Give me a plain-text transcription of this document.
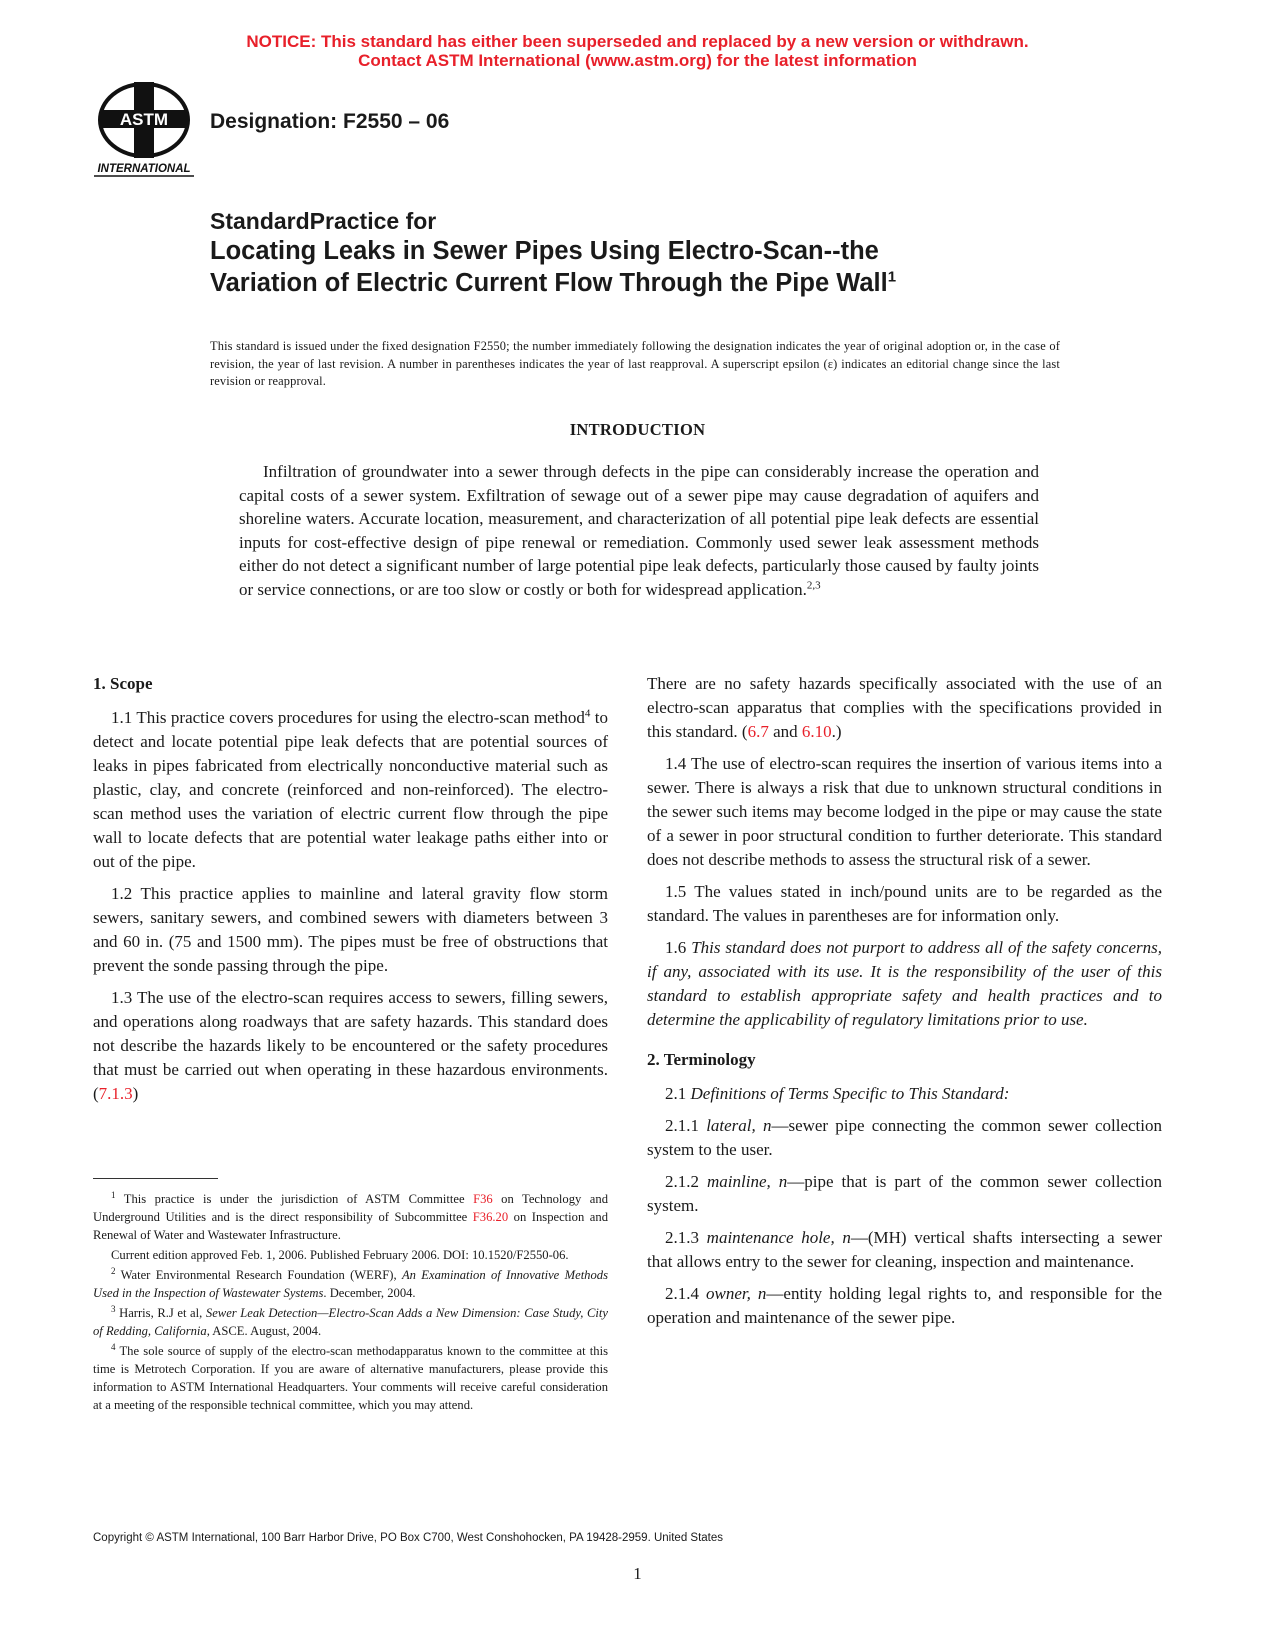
NOTICE: This standard has either been superseded and replaced by a new version or withdrawn.
Contact ASTM International (www.astm.org) for the latest information
ASTM
INTERNATIONAL
Designation: F2550 – 06
StandardPractice for
Locating Leaks in Sewer Pipes Using Electro-Scan--the
Variation of Electric Current Flow Through the Pipe Wall$^1$
This standard is issued under the fixed designation F2550; the number immediately following the designation indicates the year of original adoption or, in the case of revision, the year of last revision. A number in parentheses indicates the year of last reapproval. A superscript epsilon (ε) indicates an editorial change since the last revision or reapproval.
INTRODUCTION

Infiltration of groundwater into a sewer through defects in the pipe can considerably increase the operation and capital costs of a sewer system. Exfiltration of sewage out of a sewer pipe may cause degradation of aquifers and shoreline waters. Accurate location, measurement, and characterization of all potential pipe leak defects are essential inputs for cost-effective design of pipe renewal or remediation. Commonly used sewer leak assessment methods either do not detect a significant number of large potential pipe leak defects, particularly those caused by faulty joints or service connections, or are too slow or costly or both for widespread application.$^{2,3}$

1. Scope

1.1 This practice covers procedures for using the electro-scan method$^4$ to detect and locate potential pipe leak defects that are potential sources of leaks in pipes fabricated from electrically nonconductive material such as plastic, clay, and concrete (reinforced and non-reinforced). The electro-scan method uses the variation of electric current flow through the pipe wall to locate defects that are potential water leakage paths either into or out of the pipe.

1.2 This practice applies to mainline and lateral gravity flow storm sewers, sanitary sewers, and combined sewers with diameters between 3 and 60 in. (75 and 1500 mm). The pipes must be free of obstructions that prevent the sonde passing through the pipe.

1.3 The use of the electro-scan requires access to sewers, filling sewers, and operations along roadways that are safety hazards. This standard does not describe the hazards likely to be encountered or the safety procedures that must be carried out when operating in these hazardous environments. (7.1.3)

There are no safety hazards specifically associated with the use of an electro-scan apparatus that complies with the specifications provided in this standard. (6.7 and 6.10.)

1.4 The use of electro-scan requires the insertion of various items into a sewer. There is always a risk that due to unknown structural conditions in the sewer such items may become lodged in the pipe or may cause the state of a sewer in poor structural condition to further deteriorate. This standard does not describe methods to assess the structural risk of a sewer.

1.5 The values stated in inch/pound units are to be regarded as the standard. The values in parentheses are for information only.

1.6 This standard does not purport to address all of the safety concerns, if any, associated with its use. It is the responsibility of the user of this standard to establish appropriate safety and health practices and to determine the applicability of regulatory limitations prior to use.

2. Terminology

2.1 Definitions of Terms Specific to This Standard:

2.1.1 lateral, n—sewer pipe connecting the common sewer collection system to the user.

2.1.2 mainline, n—pipe that is part of the common sewer collection system.

2.1.3 maintenance hole, n—(MH) vertical shafts intersecting a sewer that allows entry to the sewer for cleaning, inspection and maintenance.

2.1.4 owner, n—entity holding legal rights to, and responsible for the operation and maintenance of the sewer pipe.

$^1$ This practice is under the jurisdiction of ASTM Committee F36 on Technology and Underground Utilities and is the direct responsibility of Subcommittee F36.20 on Inspection and Renewal of Water and Wastewater Infrastructure.

Current edition approved Feb. 1, 2006. Published February 2006. DOI: 10.1520/F2550-06.

$^2$ Water Environmental Research Foundation (WERF), An Examination of Innovative Methods Used in the Inspection of Wastewater Systems. December, 2004.

$^3$ Harris, R.J et al, Sewer Leak Detection—Electro-Scan Adds a New Dimension: Case Study, City of Redding, California, ASCE. August, 2004.

$^4$ The sole source of supply of the electro-scan methodapparatus known to the committee at this time is Metrotech Corporation. If you are aware of alternative manufacturers, please provide this information to ASTM International Headquarters. Your comments will receive careful consideration at a meeting of the responsible technical committee, which you may attend.

Copyright © ASTM International, 100 Barr Harbor Drive, PO Box C700, West Conshohocken, PA 19428-2959. United States
1
